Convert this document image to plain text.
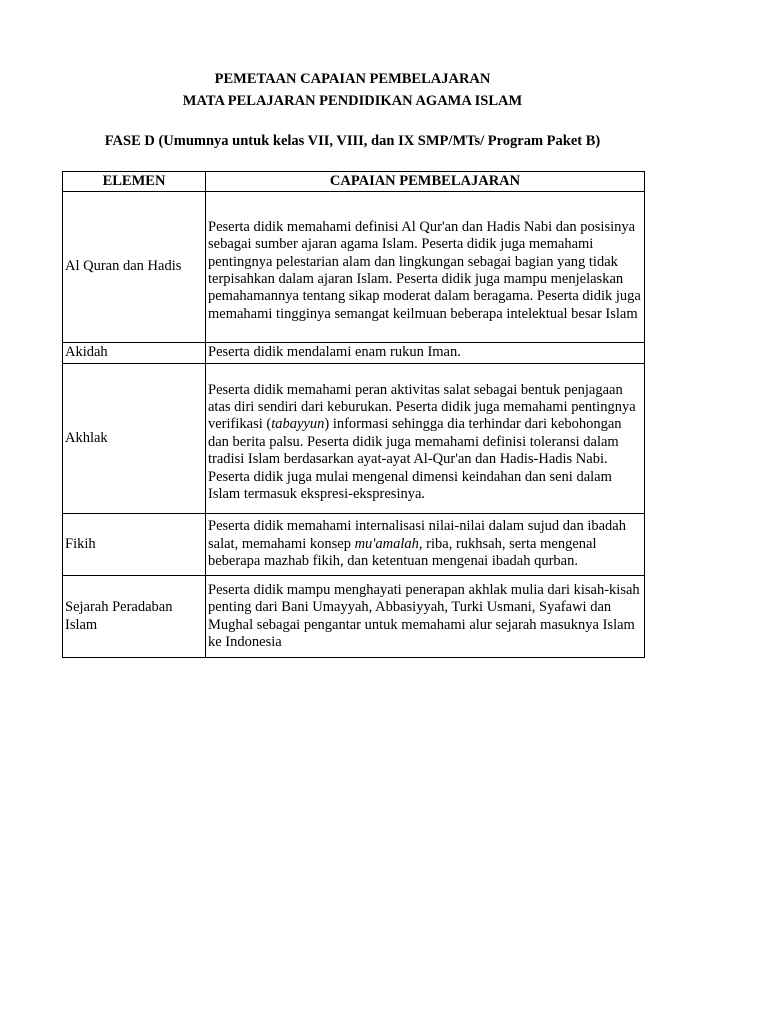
PEMETAAN CAPAIAN PEMBELAJARAN
MATA PELAJARAN PENDIDIKAN AGAMA ISLAM
FASE D (Umumnya untuk kelas VII, VIII, dan IX SMP/MTs/ Program Paket B)
ELEMEN	CAPAIAN PEMBELAJARAN
Al Quran dan Hadis	Peserta didik memahami definisi Al Qur'an dan Hadis Nabi dan posisinya sebagai sumber ajaran agama Islam. Peserta didik juga memahami pentingnya pelestarian alam dan lingkungan sebagai bagian yang tidak terpisahkan dalam ajaran Islam. Peserta didik juga mampu menjelaskan pemahamannya tentang sikap moderat dalam beragama. Peserta didik juga memahami tingginya semangat keilmuan beberapa intelektual besar Islam
Akidah	Peserta didik mendalami enam rukun Iman.
Akhlak	Peserta didik memahami peran aktivitas salat sebagai bentuk penjagaan atas diri sendiri dari keburukan. Peserta didik juga memahami pentingnya verifikasi (tabayyun) informasi sehingga dia terhindar dari kebohongan dan berita palsu. Peserta didik juga memahami definisi toleransi dalam tradisi Islam berdasarkan ayat-ayat Al-Qur'an dan Hadis-Hadis Nabi. Peserta didik juga mulai mengenal dimensi keindahan dan seni dalam Islam termasuk ekspresi-ekspresinya.
Fikih	Peserta didik memahami internalisasi nilai-nilai dalam sujud dan ibadah salat, memahami konsep mu'amalah, riba, rukhsah, serta mengenal beberapa mazhab fikih, dan ketentuan mengenai ibadah qurban.
Sejarah Peradaban Islam	Peserta didik mampu menghayati penerapan akhlak mulia dari kisah-kisah penting dari Bani Umayyah, Abbasiyyah, Turki Usmani, Syafawi dan Mughal sebagai pengantar untuk memahami alur sejarah masuknya Islam ke Indonesia
